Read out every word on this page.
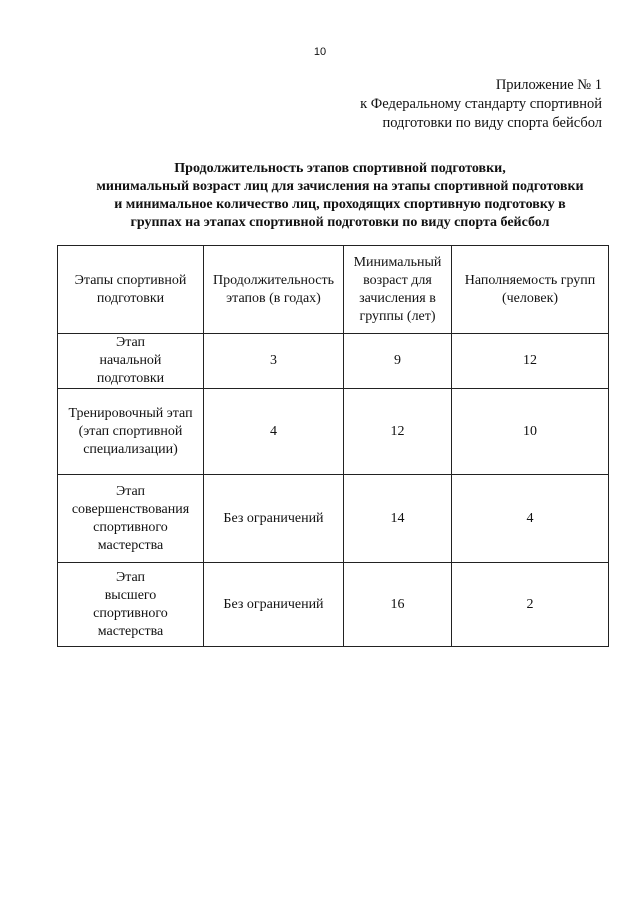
10
Приложение № 1
к Федеральному стандарту спортивной
подготовки по виду спорта бейсбол
Продолжительность этапов спортивной подготовки,
минимальный возраст лиц для зачисления на этапы спортивной подготовки
и минимальное количество лиц, проходящих спортивную подготовку в
группах на этапах спортивной подготовки по виду спорта бейсбол
Этапы спортивной
подготовки	Продолжительность
этапов (в годах)	Минимальный
возраст для
зачисления в
группы (лет)	Наполняемость групп
(человек)
Этап
начальной
подготовки	3	9	12
Тренировочный этап
(этап спортивной
специализации)	4	12	10
Этап
совершенствования
спортивного
мастерства	Без ограничений	14	4
Этап
высшего
спортивного
мастерства	Без ограничений	16	2
